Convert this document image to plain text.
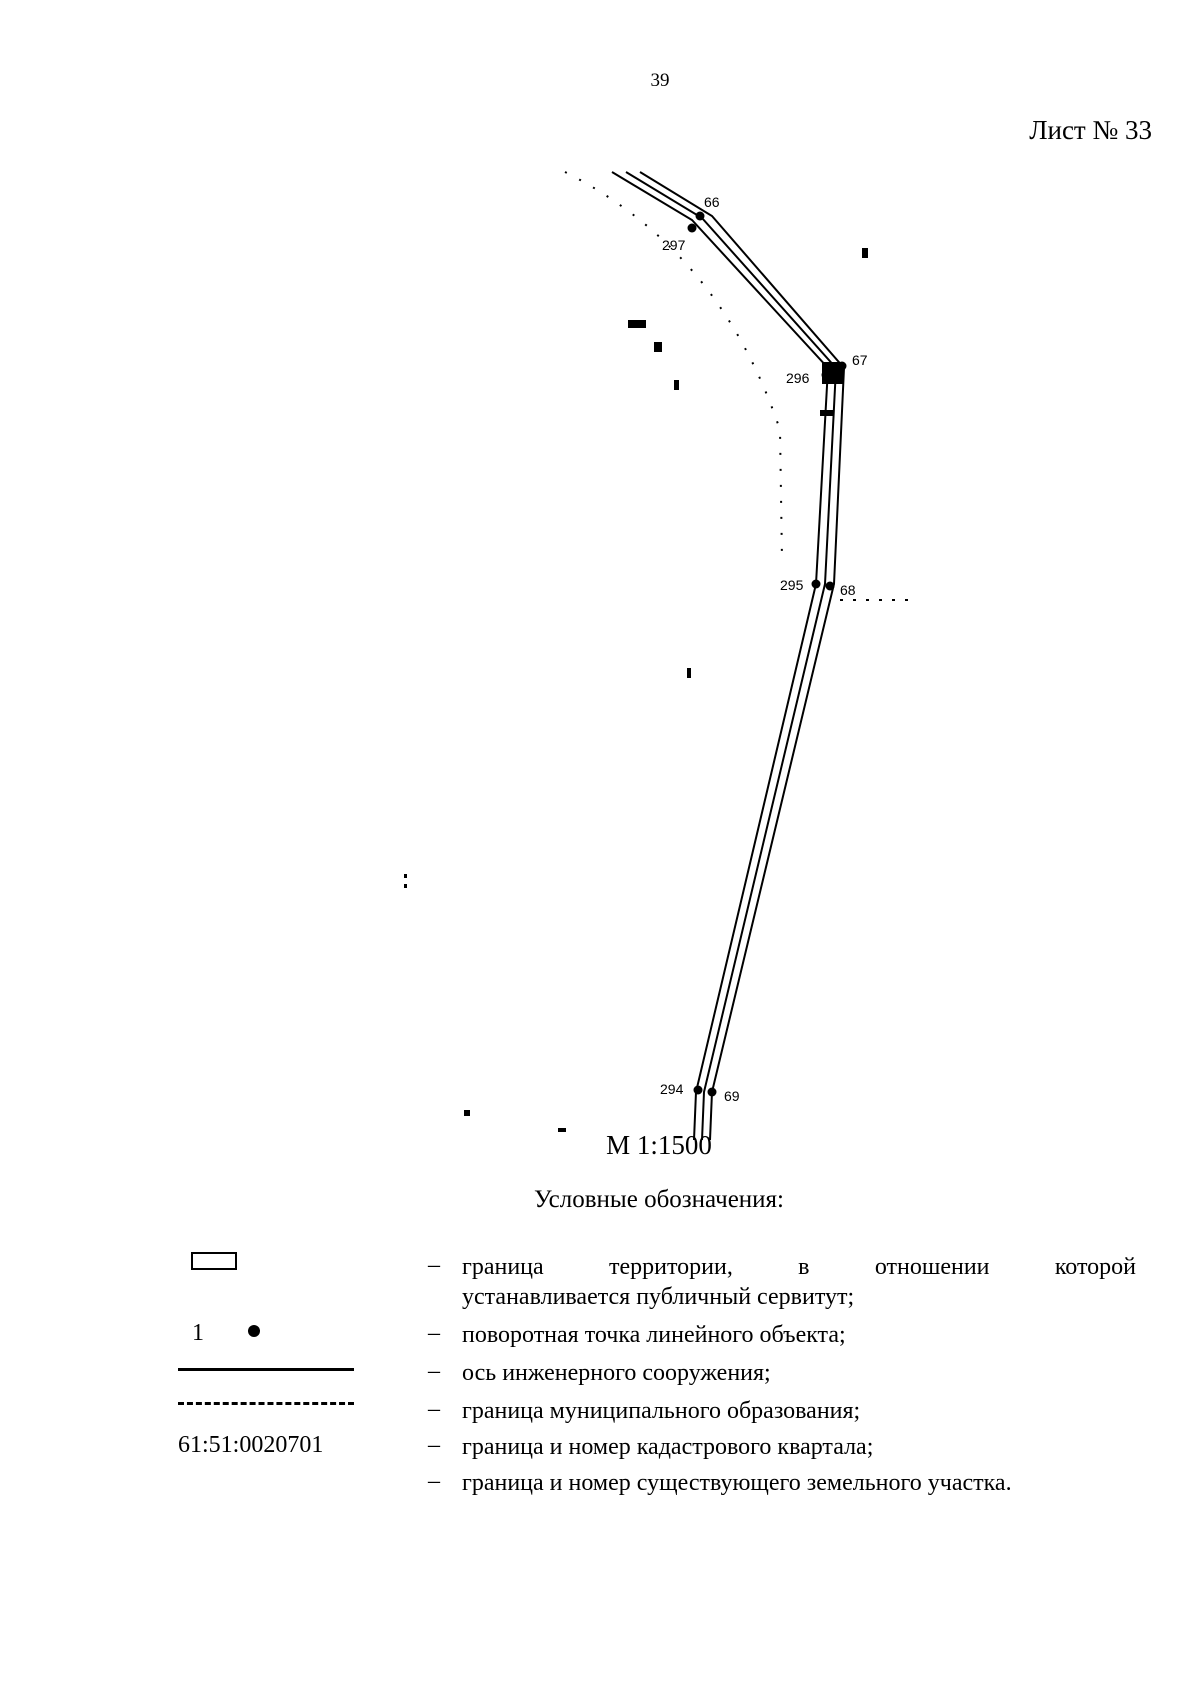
39
Лист № 33
66
297
67
296
295	68
294	69
М 1:1500
Условные обозначения:
– граница территории, в отношении которой
устанавливается публичный сервитут;
1	– поворотная точка линейного объекта;
– ось инженерного сооружения;
– граница муниципального образования;
61:51:0020701	– граница и номер кадастрового квартала;
– граница и номер существующего земельного участка.
